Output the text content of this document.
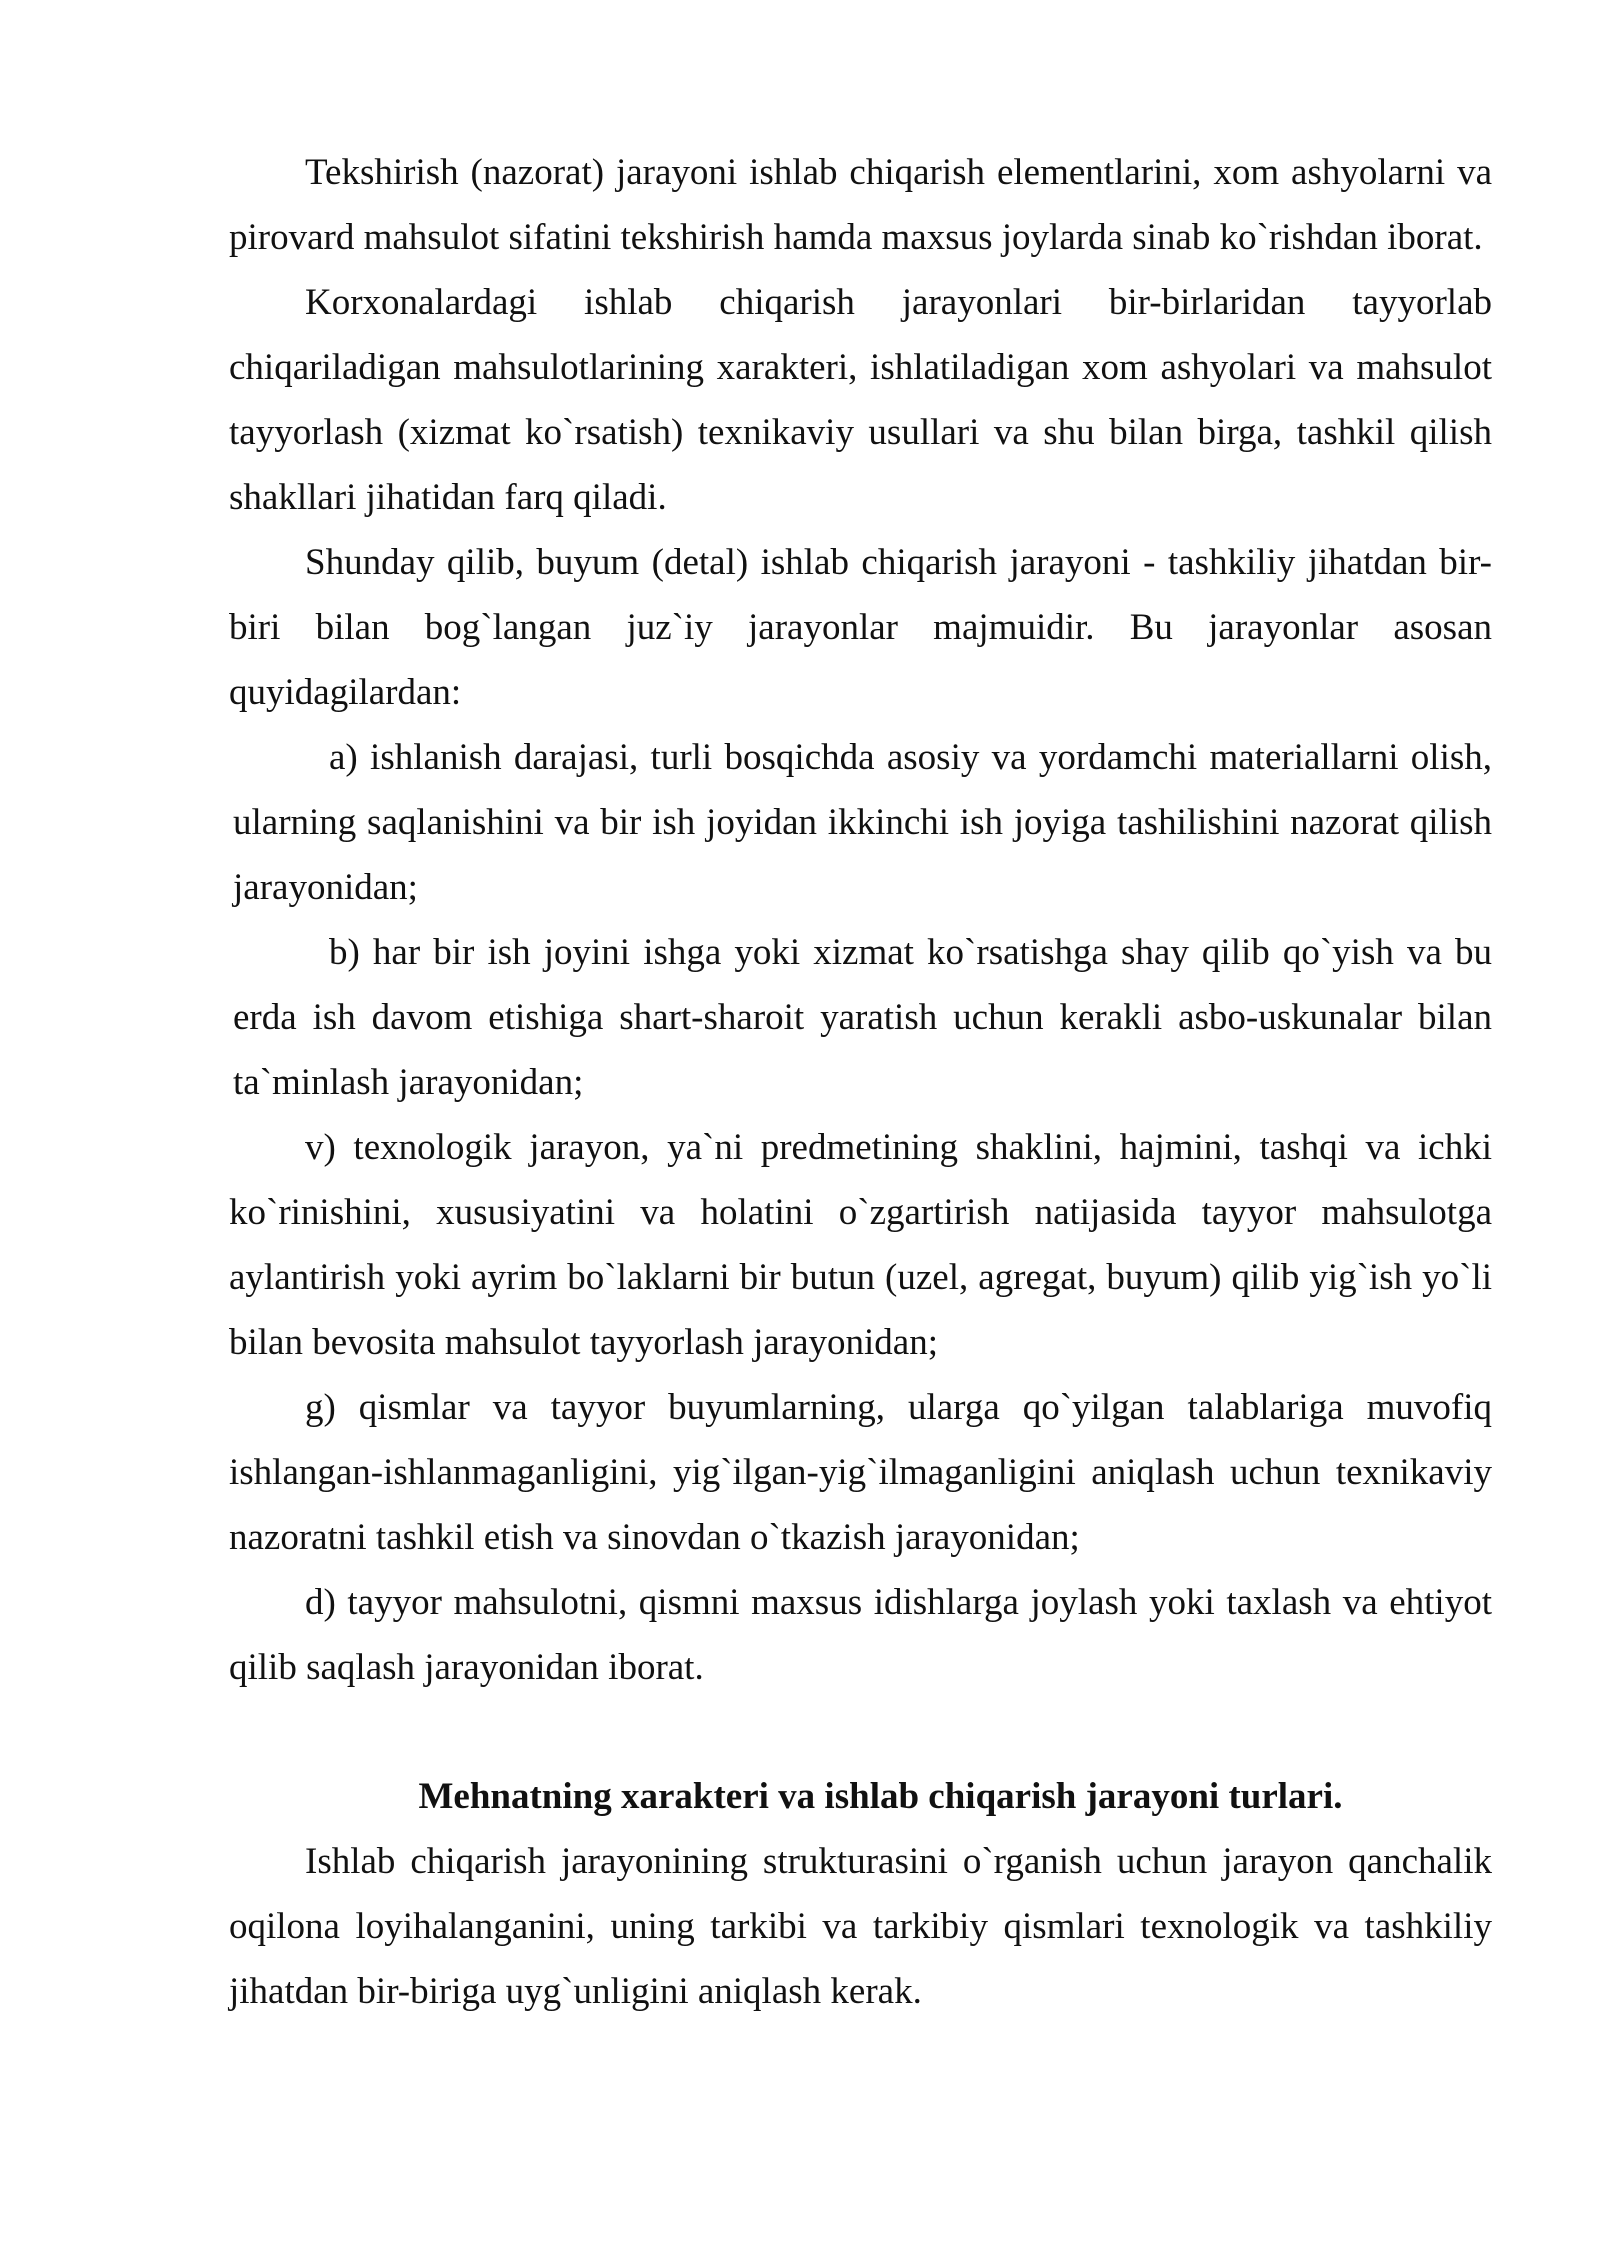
Tekshirish (nazorat) jarayoni ishlab chiqarish elementlarini, xom ashyolarni va pirovard mahsulot sifatini tekshirish hamda maxsus joylarda sinab ko`rishdan iborat.

Korxonalardagi ishlab chiqarish jarayonlari bir-birlaridan tayyorlab chiqariladigan mahsulotlarining xarakteri, ishlatiladigan xom ashyolari va mahsulot tayyorlash (xizmat ko`rsatish) texnikaviy usullari va shu bilan birga, tashkil qilish shakllari jihatidan farq qiladi.

Shunday qilib, buyum (detal) ishlab chiqarish jarayoni - tashkiliy jihatdan bir-biri bilan bog`langan juz`iy jarayonlar majmuidir. Bu jarayonlar asosan quyidagilardan:

a) ishlanish darajasi, turli bosqichda asosiy va yordamchi materiallarni olish, ularning saqlanishini va bir ish joyidan ikkinchi ish joyiga tashilishini nazorat qilish jarayonidan;

b) har bir ish joyini ishga yoki xizmat ko`rsatishga shay qilib qo`yish va bu erda ish davom etishiga shart-sharoit yaratish uchun kerakli asbo-uskunalar bilan ta`minlash jarayonidan;

v) texnologik jarayon, ya`ni predmetining shaklini, hajmini, tashqi va ichki ko`rinishini, xususiyatini va holatini o`zgartirish natijasida tayyor mahsulotga aylantirish yoki ayrim bo`laklarni bir butun (uzel, agregat, buyum) qilib yig`ish yo`li bilan bevosita mahsulot tayyorlash jarayonidan;

g) qismlar va tayyor buyumlarning, ularga qo`yilgan talablariga muvofiq ishlangan-ishlanmaganligini, yig`ilgan-yig`ilmaganligini aniqlash uchun texnikaviy nazoratni tashkil etish va sinovdan o`tkazish jarayonidan;

d) tayyor mahsulotni, qismni maxsus idishlarga joylash yoki taxlash va ehtiyot qilib saqlash jarayonidan iborat.

Mehnatning xarakteri va ishlab chiqarish jarayoni turlari.

Ishlab chiqarish jarayonining strukturasini o`rganish uchun jarayon qanchalik oqilona loyihalanganini, uning tarkibi va tarkibiy qismlari texnologik va tashkiliy jihatdan bir-biriga uyg`unligini aniqlash kerak.
